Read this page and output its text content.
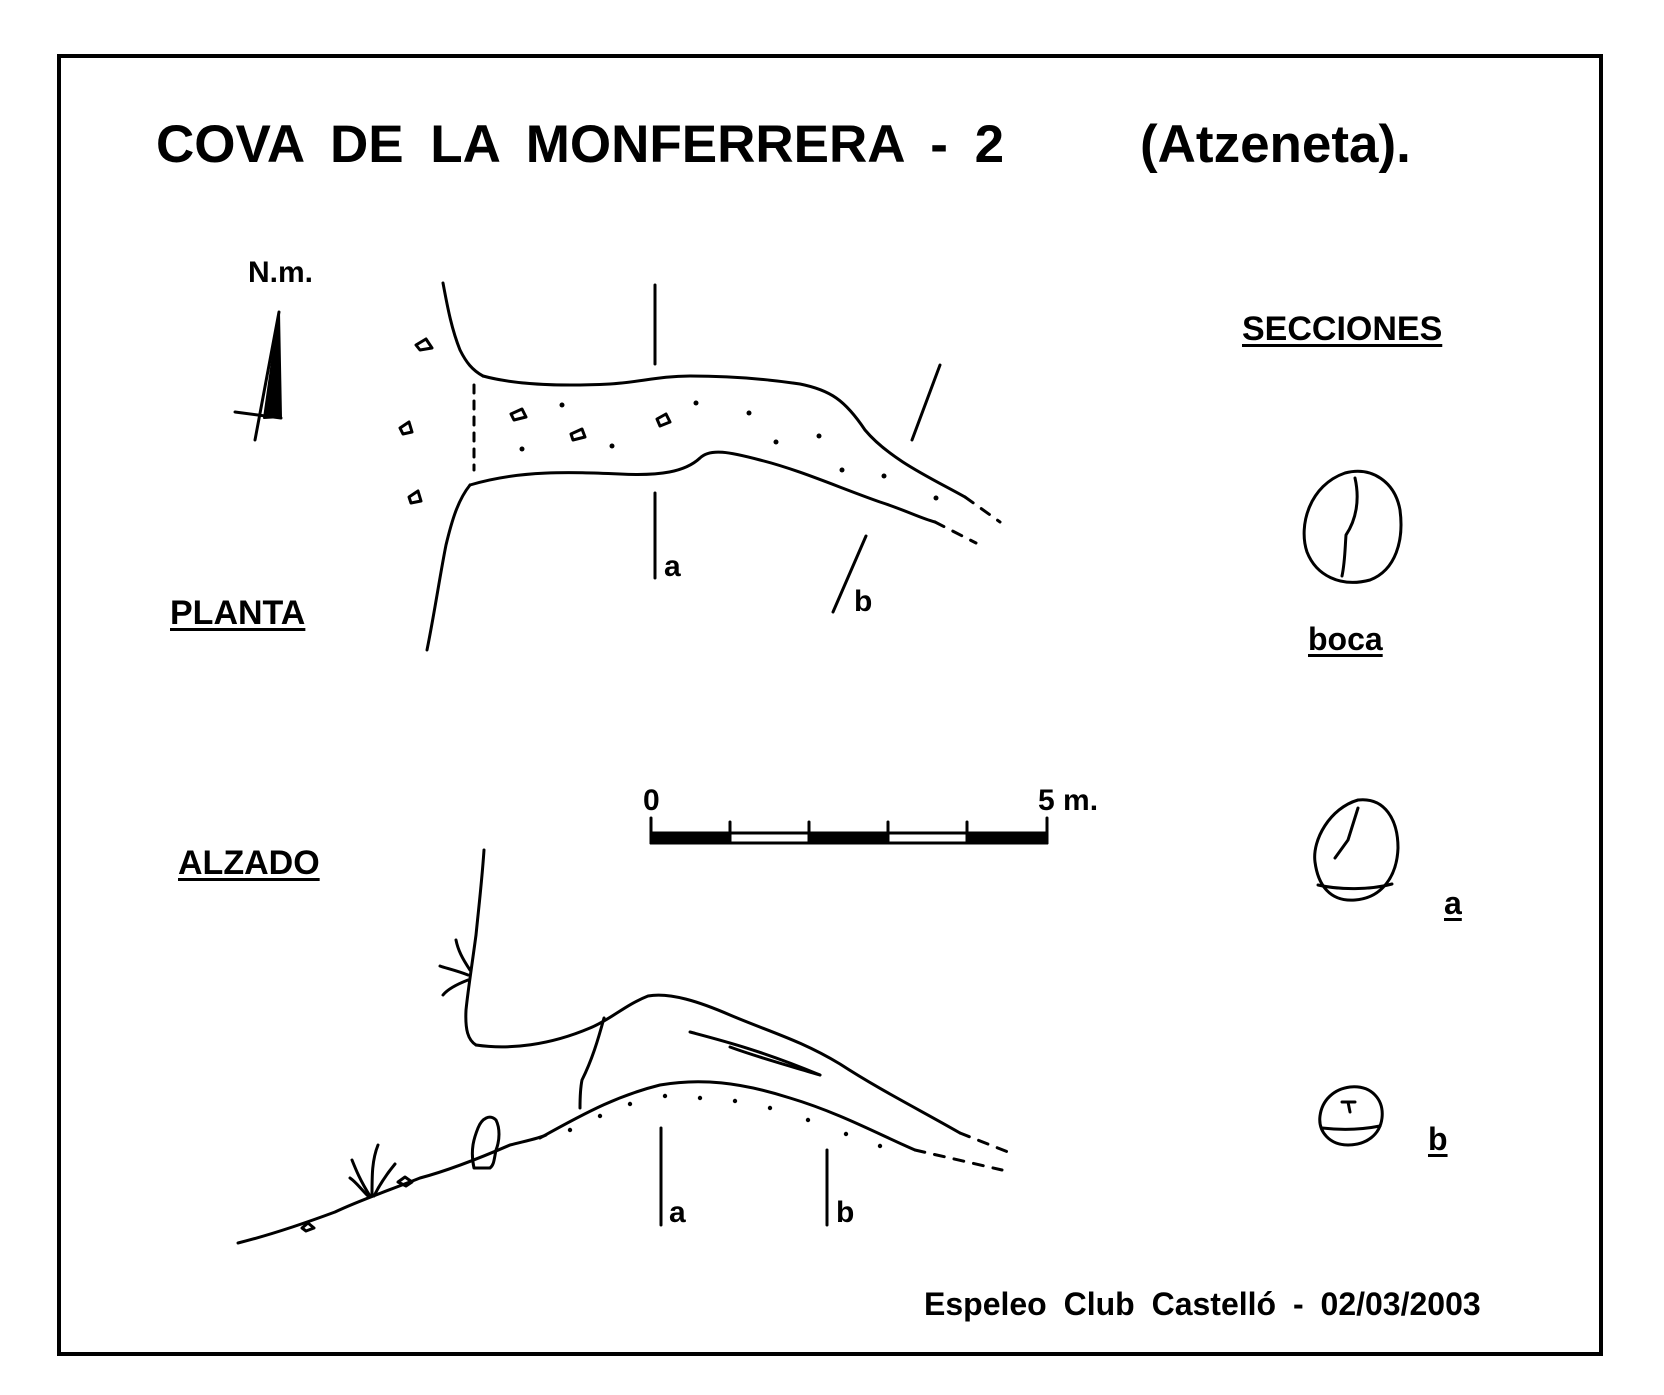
COVA DE LA MONFERRERA - 2	(Atzeneta).
N.m.
PLANTA
ALZADO
SECCIONES
boca
a
b
0	5 m.
a
b
a	b
Espeleo Club Castelló - 02/03/2003
